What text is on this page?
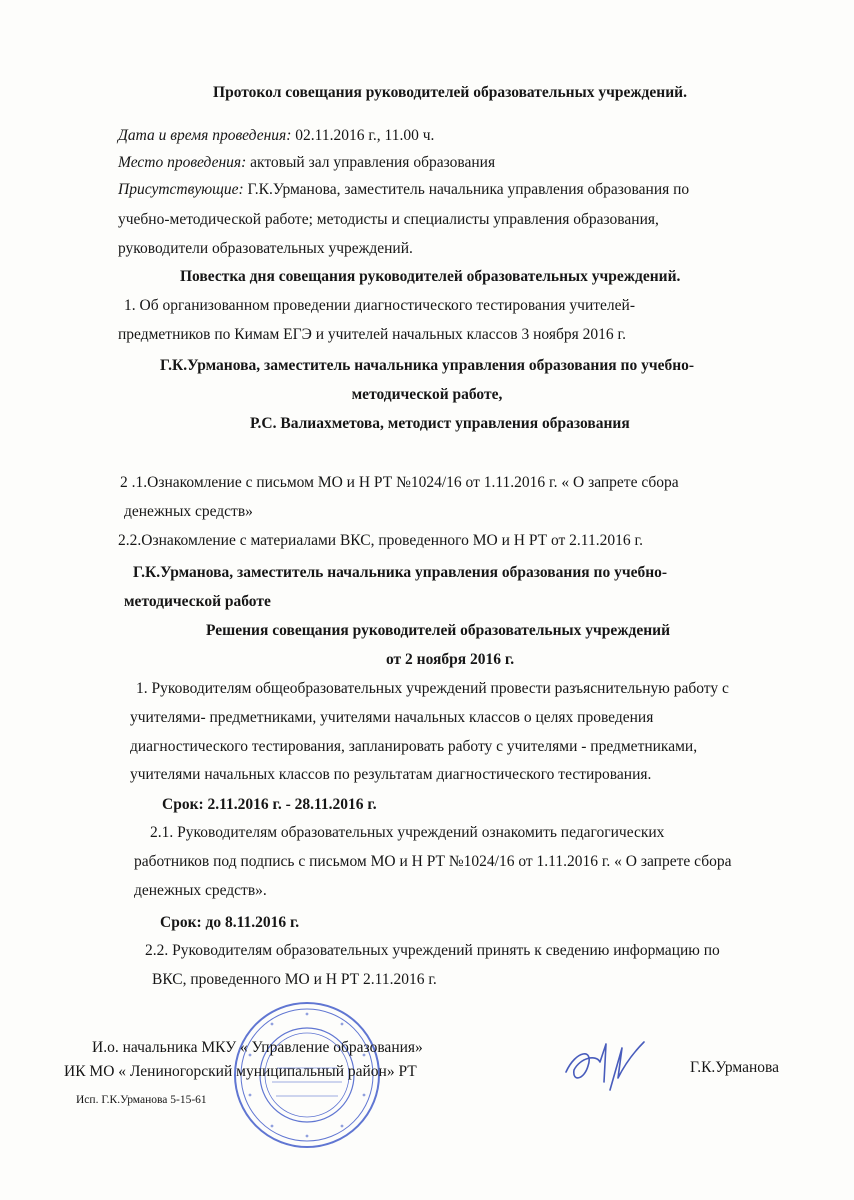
Протокол совещания руководителей образовательных учреждений.
Дата и время проведения: 02.11.2016 г., 11.00 ч.
Место проведения: актовый зал управления образования
Присутствующие: Г.К.Урманова, заместитель начальника управления образования по
учебно-методической работе; методисты и специалисты управления образования,
руководители образовательных учреждений.
Повестка дня совещания руководителей образовательных учреждений.
1. Об организованном проведении диагностического тестирования учителей-
предметников по Кимам ЕГЭ и учителей начальных классов 3 ноября 2016 г.
Г.К.Урманова, заместитель начальника управления образования по учебно-
методической работе,
Р.С. Валиахметова, методист управления образования
2 .1.Ознакомление с письмом МО и Н РТ №1024/16 от 1.11.2016 г. « О запрете сбора
денежных средств»
2.2.Ознакомление с материалами ВКС, проведенного МО и Н РТ от 2.11.2016 г.
Г.К.Урманова, заместитель начальника управления образования по учебно-
методической работе
Решения совещания руководителей образовательных учреждений
от 2 ноября 2016 г.
1. Руководителям общеобразовательных учреждений провести разъяснительную работу с
учителями- предметниками, учителями начальных классов о целях проведения
диагностического тестирования, запланировать работу с учителями - предметниками,
учителями начальных классов по результатам диагностического тестирования.
Срок: 2.11.2016 г. - 28.11.2016 г.
2.1. Руководителям образовательных учреждений ознакомить педагогических
работников под подпись с письмом МО и Н РТ №1024/16 от 1.11.2016 г. « О запрете сбора
денежных средств».
Срок: до 8.11.2016 г.
2.2. Руководителям образовательных учреждений принять к сведению информацию по
ВКС, проведенного МО и Н РТ 2.11.2016 г.
И.о. начальника МКУ « Управление образования»
ИК МО « Лениногорский муниципальный район» РТ
Исп. Г.К.Урманова 5-15-61
Г.К.Урманова
